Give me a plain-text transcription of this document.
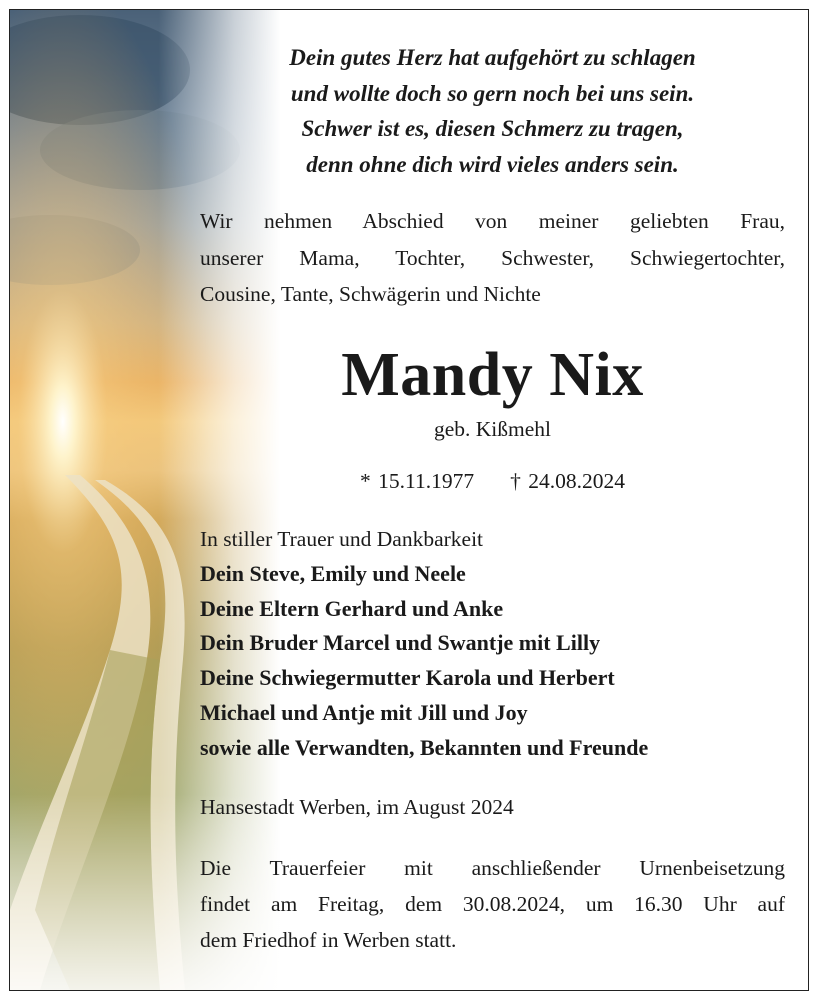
Dein gutes Herz hat aufgehört zu schlagen

und wollte doch so gern noch bei uns sein.

Schwer ist es, diesen Schmerz zu tragen,

denn ohne dich wird vieles anders sein.

Wir nehmen Abschied von meiner geliebten Frau,
unserer Mama, Tochter, Schwester, Schwiegertochter,
Cousine, Tante, Schwägerin und Nichte
Mandy Nix
geb. Kißmehl
* 15.11.1977 † 24.08.2024
In stiller Trauer und Dankbarkeit
Dein Steve, Emily und Neele
Deine Eltern Gerhard und Anke
Dein Bruder Marcel und Swantje mit Lilly
Deine Schwiegermutter Karola und Herbert
Michael und Antje mit Jill und Joy
sowie alle Verwandten, Bekannten und Freunde
Hansestadt Werben, im August 2024
Die Trauerfeier mit anschließender Urnenbeisetzung
findet am Freitag, dem 30.08.2024, um 16.30 Uhr auf
dem Friedhof in Werben statt.
